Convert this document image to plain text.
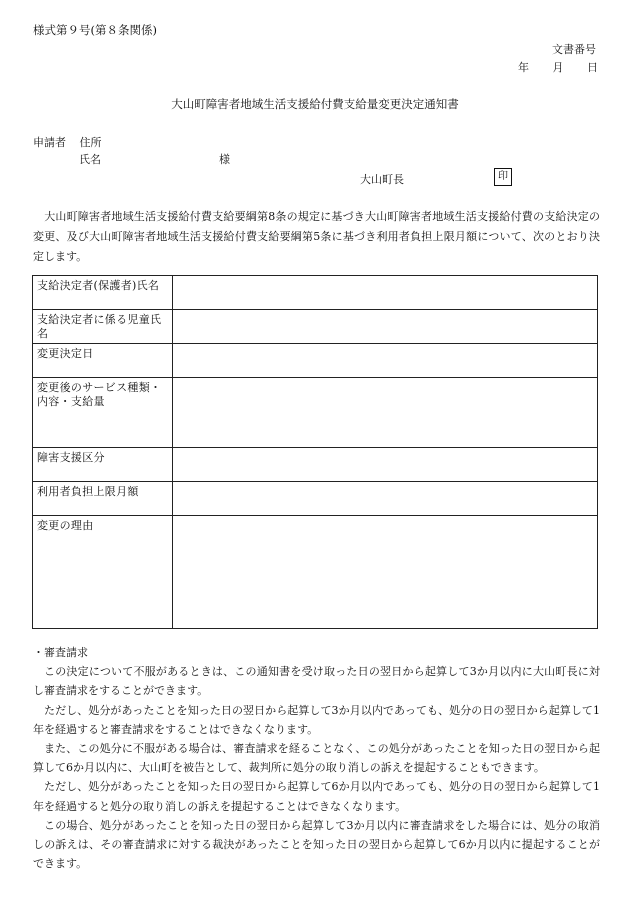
様式第９号(第８条関係)
文書番号
年 月 日
大山町障害者地域生活支援給付費支給量変更決定通知書
申請者 住所
氏名	様
大山町長	印
大山町障害者地域生活支援給付費支給要綱第8条の規定に基づき大山町障害者地域生活支援給付費の支給決定の変更、及び大山町障害者地域生活支援給付費支給要綱第5条に基づき利用者負担上限月額について、次のとおり決定します。
支給決定者(保護者)氏名	
支給決定者に係る児童氏名	
変更決定日	
変更後のサービス種類・内容・支給量	
障害支援区分	
利用者負担上限月額	
変更の理由	

・審査請求

この決定について不服があるときは、この通知書を受け取った日の翌日から起算して3か月以内に大山町長に対し審査請求をすることができます。

ただし、処分があったことを知った日の翌日から起算して3か月以内であっても、処分の日の翌日から起算して1年を経過すると審査請求をすることはできなくなります。

また、この処分に不服がある場合は、審査請求を経ることなく、この処分があったことを知った日の翌日から起算して6か月以内に、大山町を被告として、裁判所に処分の取り消しの訴えを提起することもできます。

ただし、処分があったことを知った日の翌日から起算して6か月以内であっても、処分の日の翌日から起算して1年を経過すると処分の取り消しの訴えを提起することはできなくなります。

この場合、処分があったことを知った日の翌日から起算して3か月以内に審査請求をした場合には、処分の取消しの訴えは、その審査請求に対する裁決があったことを知った日の翌日から起算して6か月以内に提起することができます。
